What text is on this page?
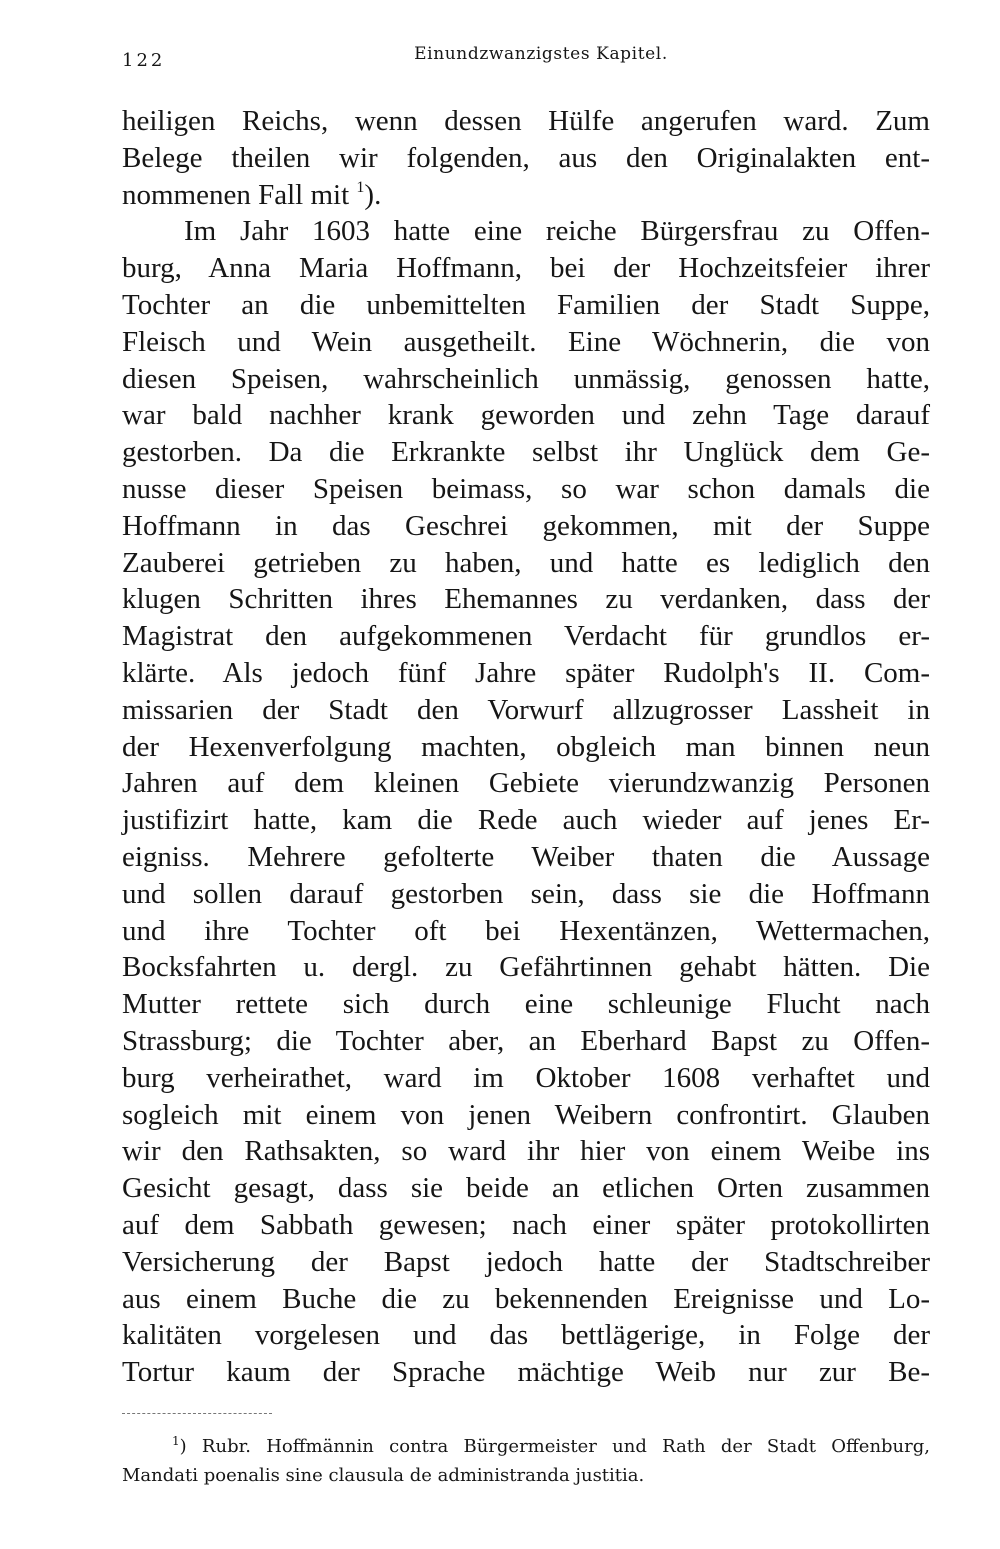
122	Einundzwanzigstes Kapitel.
heiligen Reichs, wenn dessen Hülfe angerufen ward. Zum
Belege theilen wir folgenden, aus den Originalakten ent-
nommenen Fall mit $^1$).
Im Jahr 1603 hatte eine reiche Bürgersfrau zu Offen-
burg, Anna Maria Hoffmann, bei der Hochzeitsfeier ihrer
Tochter an die unbemittelten Familien der Stadt Suppe,
Fleisch und Wein ausgetheilt. Eine Wöchnerin, die von
diesen Speisen, wahrscheinlich unmässig, genossen hatte,
war bald nachher krank geworden und zehn Tage darauf
gestorben. Da die Erkrankte selbst ihr Unglück dem Ge-
nusse dieser Speisen beimass, so war schon damals die
Hoffmann in das Geschrei gekommen, mit der Suppe
Zauberei getrieben zu haben, und hatte es lediglich den
klugen Schritten ihres Ehemannes zu verdanken, dass der
Magistrat den aufgekommenen Verdacht für grundlos er-
klärte. Als jedoch fünf Jahre später Rudolph's II. Com-
missarien der Stadt den Vorwurf allzugrosser Lassheit in
der Hexenverfolgung machten, obgleich man binnen neun
Jahren auf dem kleinen Gebiete vierundzwanzig Personen
justifizirt hatte, kam die Rede auch wieder auf jenes Er-
eigniss. Mehrere gefolterte Weiber thaten die Aussage
und sollen darauf gestorben sein, dass sie die Hoffmann
und ihre Tochter oft bei Hexentänzen, Wettermachen,
Bocksfahrten u. dergl. zu Gefährtinnen gehabt hätten. Die
Mutter rettete sich durch eine schleunige Flucht nach
Strassburg; die Tochter aber, an Eberhard Bapst zu Offen-
burg verheirathet, ward im Oktober 1608 verhaftet und
sogleich mit einem von jenen Weibern confrontirt. Glauben
wir den Rathsakten, so ward ihr hier von einem Weibe ins
Gesicht gesagt, dass sie beide an etlichen Orten zusammen
auf dem Sabbath gewesen; nach einer später protokollirten
Versicherung der Bapst jedoch hatte der Stadtschreiber
aus einem Buche die zu bekennenden Ereignisse und Lo-
kalitäten vorgelesen und das bettlägerige, in Folge der
Tortur kaum der Sprache mächtige Weib nur zur Be-
$^1$) Rubr. Hoffmännin contra Bürgermeister und Rath der Stadt Offenburg,
Mandati poenalis sine clausula de administranda justitia.
